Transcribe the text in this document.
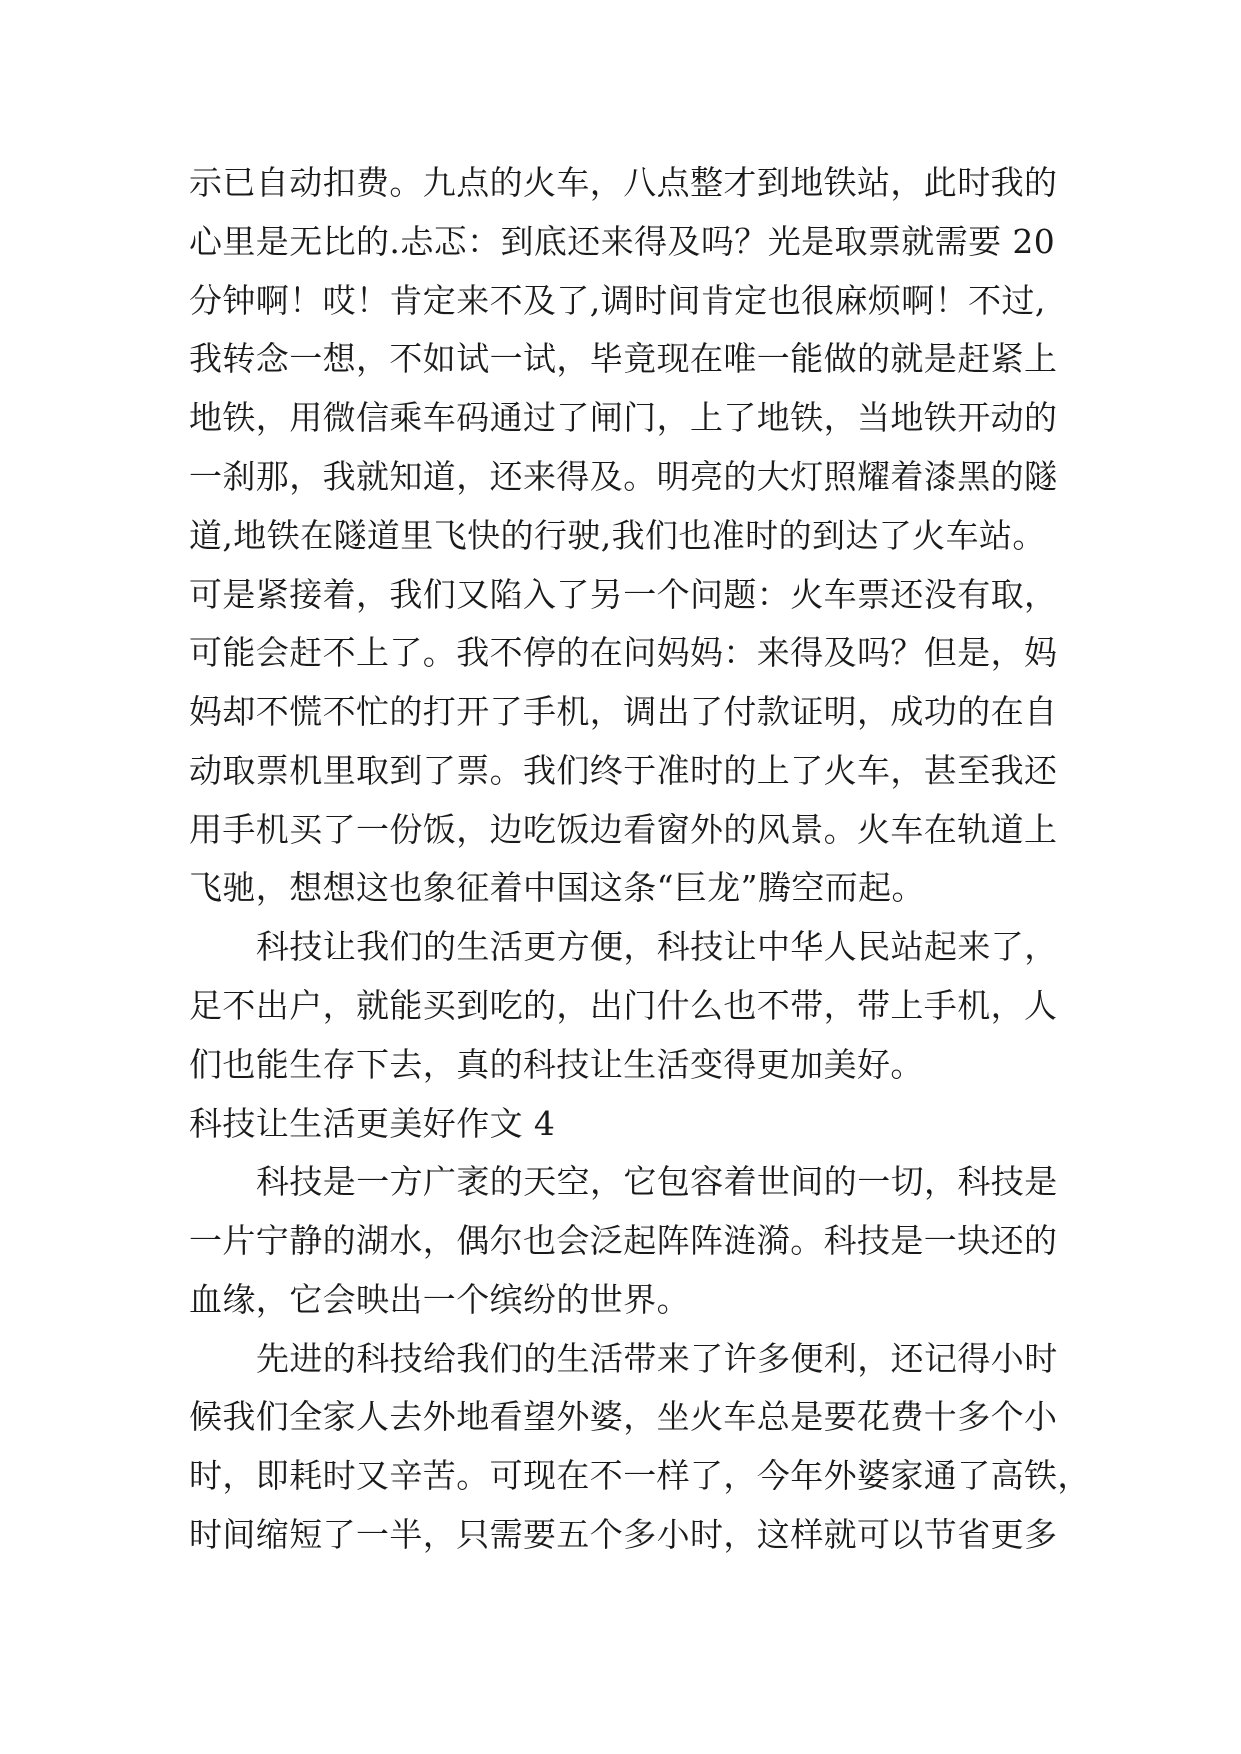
示已自动扣费。九点的火车，八点整才到地铁站，此时我的
心里是无比的.忐忑：到底还来得及吗？光是取票就需要 20
分钟啊！哎！肯定来不及了,调时间肯定也很麻烦啊！不过,
我转念一想，不如试一试，毕竟现在唯一能做的就是赶紧上
地铁，用微信乘车码通过了闸门，上了地铁，当地铁开动的
一刹那，我就知道，还来得及。明亮的大灯照耀着漆黑的隧
道,地铁在隧道里飞快的行驶,我们也准时的到达了火车站。
可是紧接着，我们又陷入了另一个问题：火车票还没有取，
可能会赶不上了。我不停的在问妈妈：来得及吗？但是，妈
妈却不慌不忙的打开了手机，调出了付款证明，成功的在自
动取票机里取到了票。我们终于准时的上了火车，甚至我还
用手机买了一份饭，边吃饭边看窗外的风景。火车在轨道上
飞驰，想想这也象征着中国这条“巨龙”腾空而起。
科技让我们的生活更方便，科技让中华人民站起来了，
足不出户，就能买到吃的，出门什么也不带，带上手机，人
们也能生存下去，真的科技让生活变得更加美好。
科技让生活更美好作文 4
科技是一方广袤的天空，它包容着世间的一切，科技是
一片宁静的湖水，偶尔也会泛起阵阵涟漪。科技是一块还的
血缘，它会映出一个缤纷的世界。
先进的科技给我们的生活带来了许多便利，还记得小时
候我们全家人去外地看望外婆，坐火车总是要花费十多个小
时，即耗时又辛苦。可现在不一样了，今年外婆家通了高铁，
时间缩短了一半，只需要五个多小时，这样就可以节省更多
